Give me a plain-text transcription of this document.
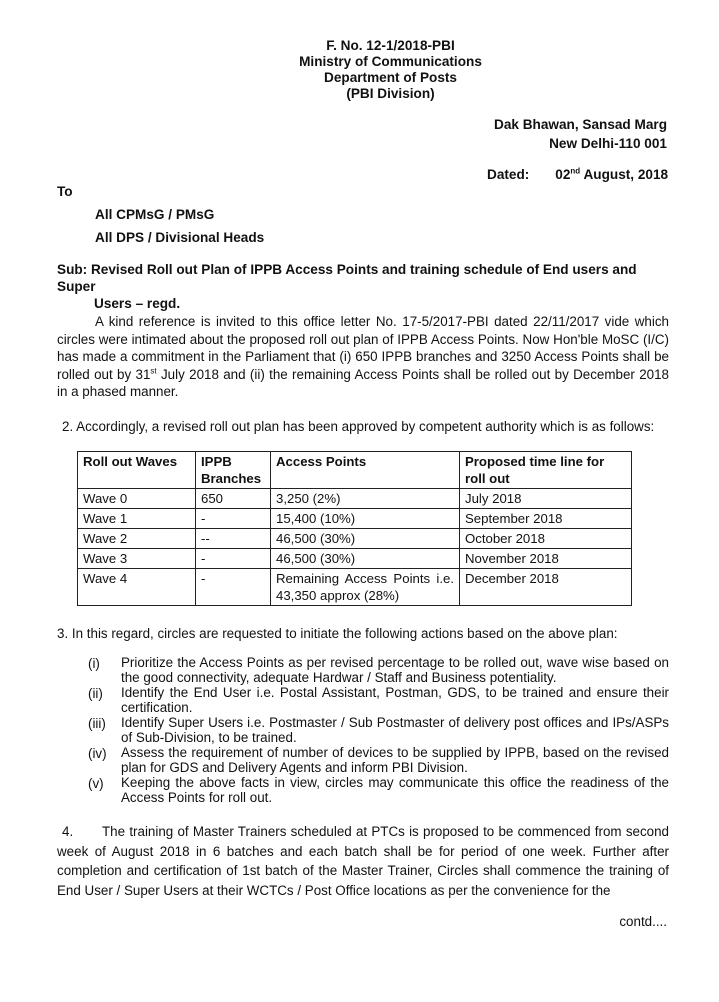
F. No. 12-1/2018-PBI
Ministry of Communications
Department of Posts
(PBI Division)
Dak Bhawan, Sansad Marg
New Delhi-110 001
Dated: 02nd August, 2018
To
All CPMsG / PMsG
All DPS / Divisional Heads
Sub: Revised Roll out Plan of IPPB Access Points and training schedule of End users and Super
Users – regd.
A kind reference is invited to this office letter No. 17-5/2017-PBI dated 22/11/2017 vide which circles were intimated about the proposed roll out plan of IPPB Access Points. Now Hon'ble MoSC (I/C) has made a commitment in the Parliament that (i) 650 IPPB branches and 3250 Access Points shall be rolled out by 31st July 2018 and (ii) the remaining Access Points shall be rolled out by December 2018 in a phased manner.
2. Accordingly, a revised roll out plan has been approved by competent authority which is as follows:
Roll out Waves	IPPB Branches	Access Points	Proposed time line for roll out
Wave 0	650	3,250 (2%)	July 2018
Wave 1	-	15,400 (10%)	September 2018
Wave 2	--	46,500 (30%)	October 2018
Wave 3	-	46,500 (30%)	November 2018
Wave 4	-	Remaining Access Points i.e. 43,350 approx (28%)	December 2018
3. In this regard, circles are requested to initiate the following actions based on the above plan:
(i)	Prioritize the Access Points as per revised percentage to be rolled out, wave wise based on the good connectivity, adequate Hardwar / Staff and Business potentiality.
(ii)	Identify the End User i.e. Postal Assistant, Postman, GDS, to be trained and ensure their certification.
(iii)	Identify Super Users i.e. Postmaster / Sub Postmaster of delivery post offices and IPs/ASPs of Sub-Division, to be trained.
(iv)	Assess the requirement of number of devices to be supplied by IPPB, based on the revised plan for GDS and Delivery Agents and inform PBI Division.
(v)	Keeping the above facts in view, circles may communicate this office the readiness of the Access Points for roll out.
4. The training of Master Trainers scheduled at PTCs is proposed to be commenced from second week of August 2018 in 6 batches and each batch shall be for period of one week. Further after completion and certification of 1st batch of the Master Trainer, Circles shall commence the training of End User / Super Users at their WCTCs / Post Office locations as per the convenience for the
contd....
